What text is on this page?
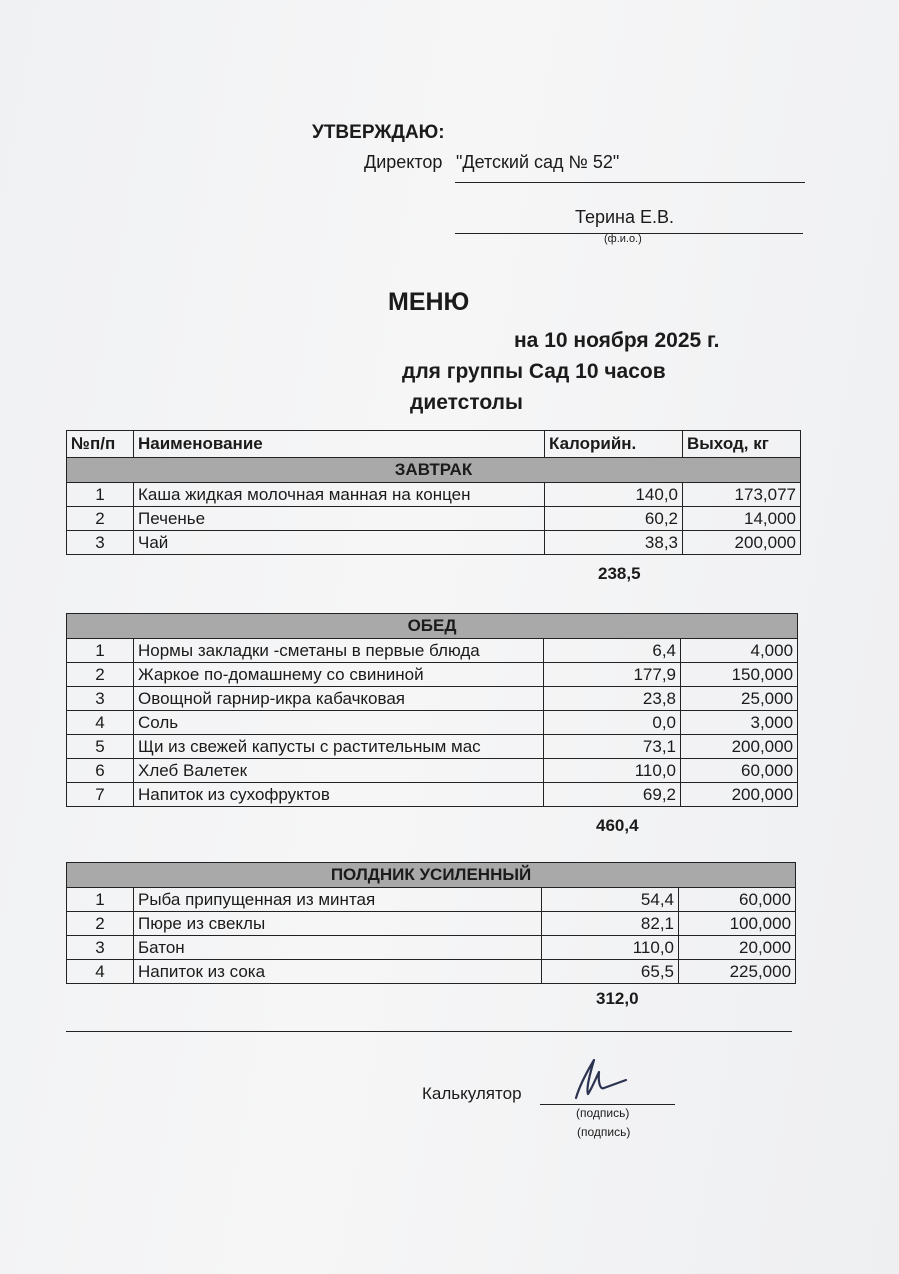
УТВЕРЖДАЮ:
Директор "Детский сад № 52"
Терина Е.В.
(ф.и.о.)
МЕНЮ
на 10 ноября 2025 г.
для группы Сад 10 часов
диетстолы
№п/п	Наименование	Калорийн.	Выход, кг
ЗАВТРАК			
1	Каша жидкая молочная манная на концен	140,0	173,077
2	Печенье	60,2	14,000
3	Чай	38,3	200,000
238,5
ОБЕД			
1	Нормы закладки -сметаны в первые блюда	6,4	4,000
2	Жаркое по-домашнему со свининой	177,9	150,000
3	Овощной гарнир-икра кабачковая	23,8	25,000
4	Соль	0,0	3,000
5	Щи из свежей капусты с растительным мас	73,1	200,000
6	Хлеб Валетек	110,0	60,000
7	Напиток из сухофруктов	69,2	200,000
460,4
ПОЛДНИК УСИЛЕННЫЙ			
1	Рыба припущенная из минтая	54,4	60,000
2	Пюре из свеклы	82,1	100,000
3	Батон	110,0	20,000
4	Напиток из сока	65,5	225,000
312,0
Калькулятор
(подпись)
(подпись)
